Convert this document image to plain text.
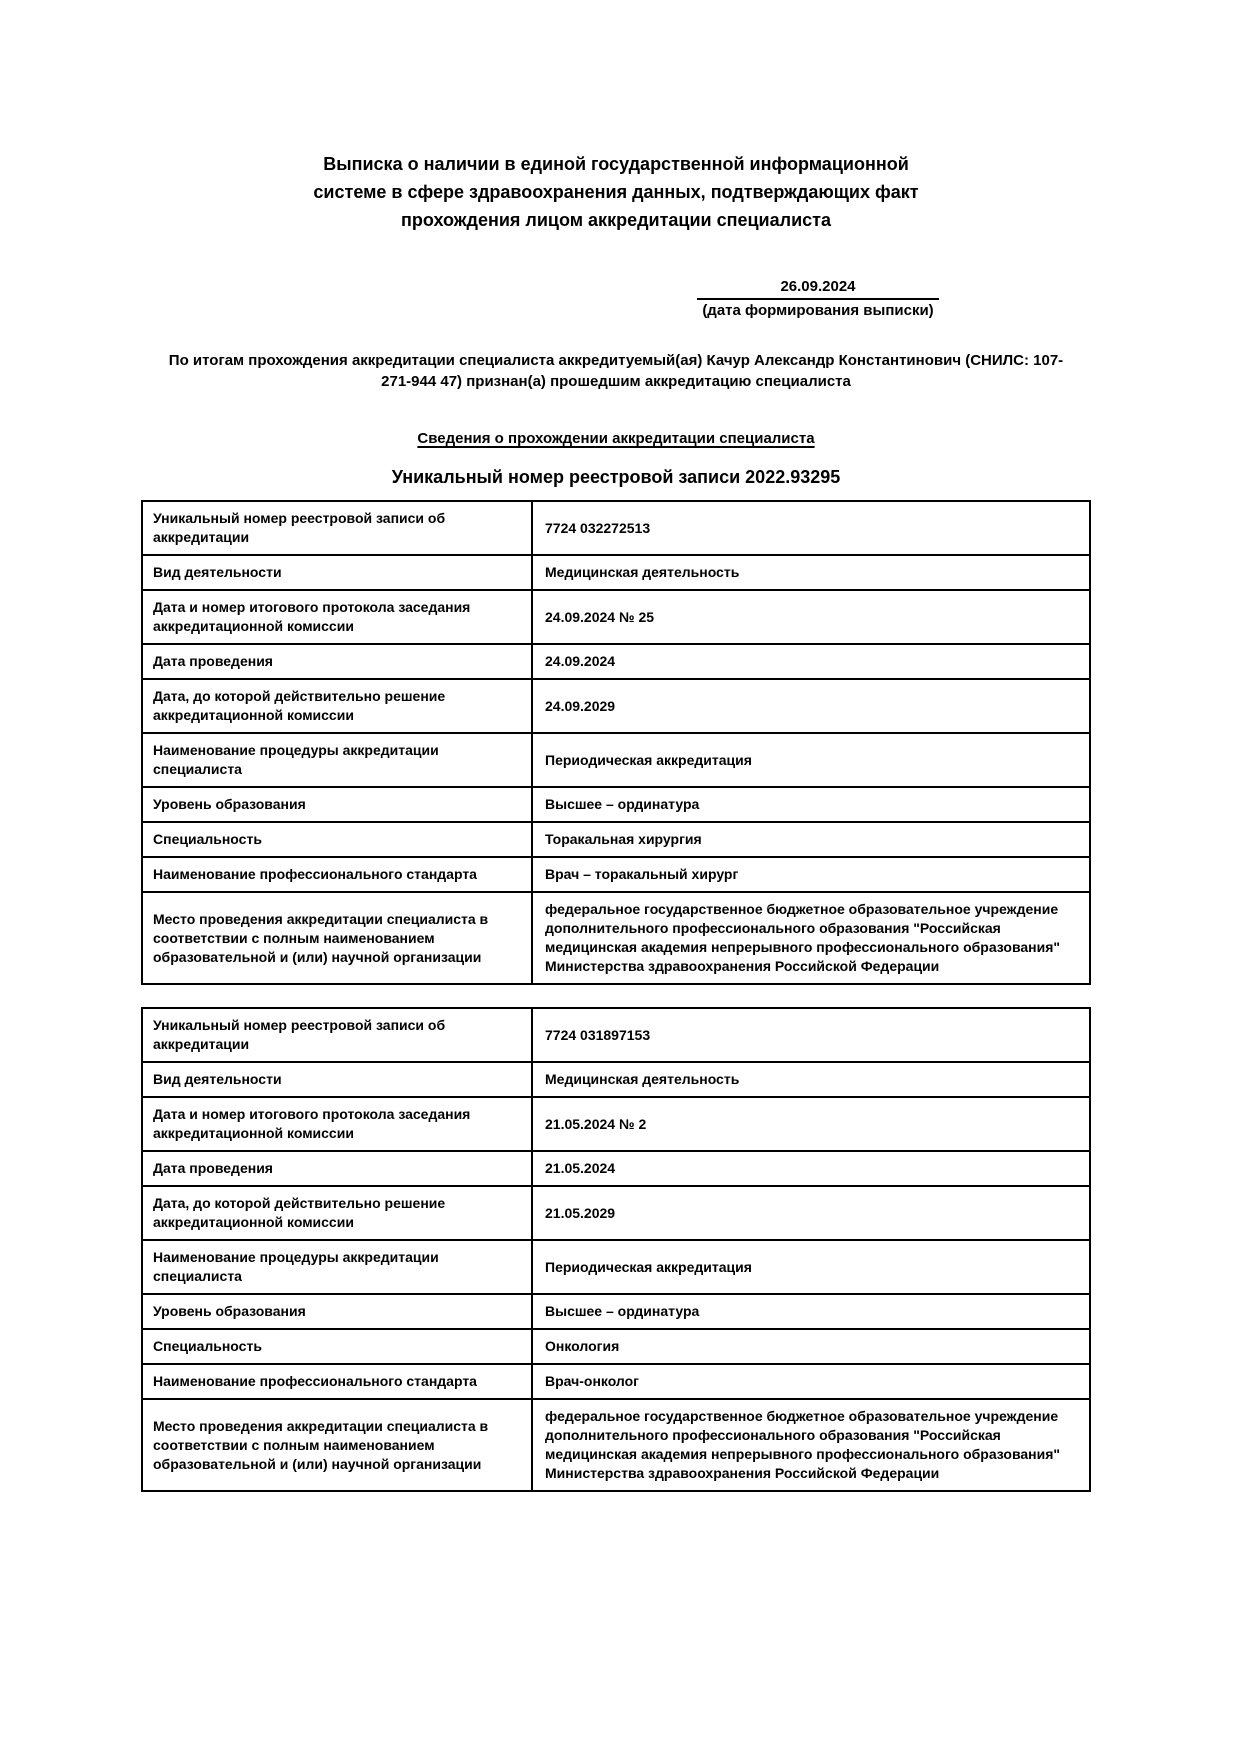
Выписка о наличии в единой государственной информационной
системе в сфере здравоохранения данных, подтверждающих факт
прохождения лицом аккредитации специалиста
26.09.2024
(дата формирования выписки)
По итогам прохождения аккредитации специалиста аккредитуемый(ая) Качур Александр Константинович (СНИЛС: 107-
271-944 47) признан(а) прошедшим аккредитацию специалиста
Сведения о прохождении аккредитации специалиста
Уникальный номер реестровой записи 2022.93295
Уникальный номер реестровой записи об аккредитации	7724 032272513
Вид деятельности	Медицинская деятельность
Дата и номер итогового протокола заседания аккредитационной комиссии	24.09.2024 № 25
Дата проведения	24.09.2024
Дата, до которой действительно решение аккредитационной комиссии	24.09.2029
Наименование процедуры аккредитации специалиста	Периодическая аккредитация
Уровень образования	Высшее – ординатура
Специальность	Торакальная хирургия
Наименование профессионального стандарта	Врач – торакальный хирург
Место проведения аккредитации специалиста в соответствии с полным наименованием образовательной и (или) научной организации	федеральное государственное бюджетное образовательное учреждение дополнительного профессионального образования "Российская медицинская академия непрерывного профессионального образования" Министерства здравоохранения Российской Федерации
Уникальный номер реестровой записи об аккредитации	7724 031897153
Вид деятельности	Медицинская деятельность
Дата и номер итогового протокола заседания аккредитационной комиссии	21.05.2024 № 2
Дата проведения	21.05.2024
Дата, до которой действительно решение аккредитационной комиссии	21.05.2029
Наименование процедуры аккредитации специалиста	Периодическая аккредитация
Уровень образования	Высшее – ординатура
Специальность	Онкология
Наименование профессионального стандарта	Врач-онколог
Место проведения аккредитации специалиста в соответствии с полным наименованием образовательной и (или) научной организации	федеральное государственное бюджетное образовательное учреждение дополнительного профессионального образования "Российская медицинская академия непрерывного профессионального образования" Министерства здравоохранения Российской Федерации
